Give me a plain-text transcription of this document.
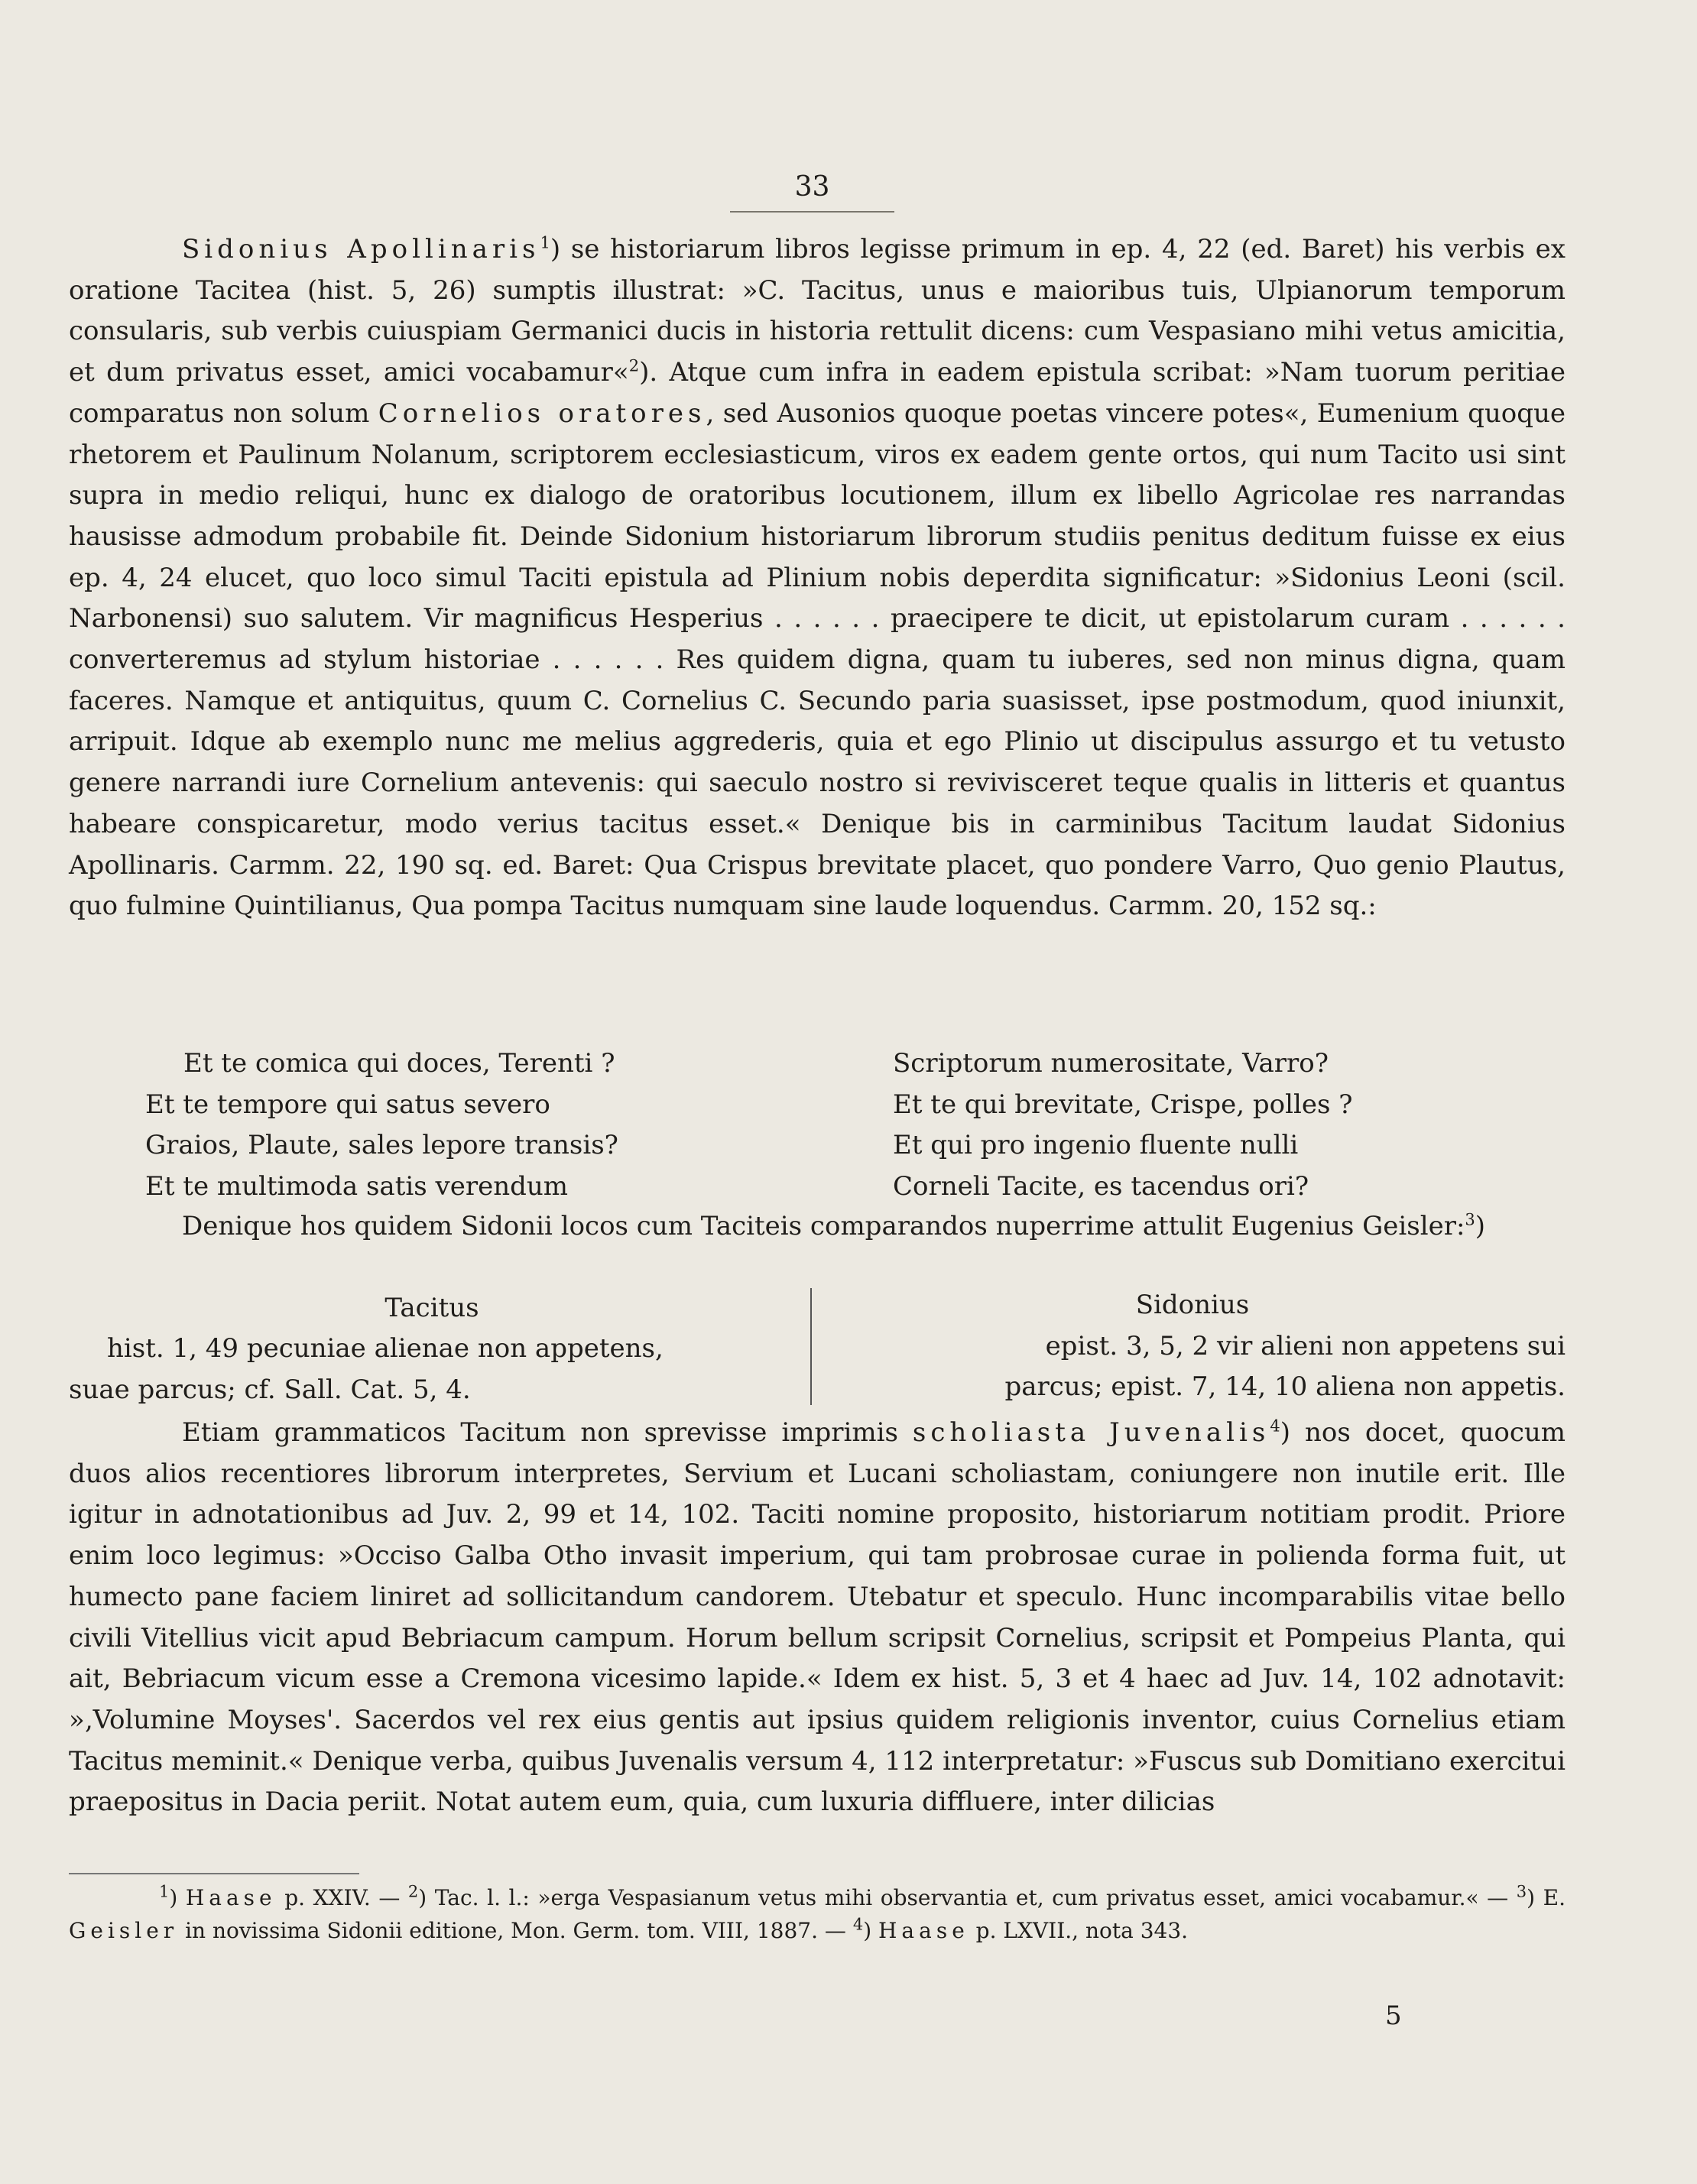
33

Sidonius Apollinaris$^1$) se historiarum libros legisse primum in ep. 4, 22 (ed. Baret) his verbis ex oratione Tacitea (hist. 5, 26) sumptis illustrat: »C. Tacitus, unus e maioribus tuis, Ulpianorum temporum consularis, sub verbis cuiuspiam Germanici ducis in historia rettulit dicens: cum Vespasiano mihi vetus amicitia, et dum privatus esset, amici vocabamur«$^2$). Atque cum infra in eadem epistula scribat: »Nam tuorum peritiae comparatus non solum Cornelios oratores, sed Ausonios quoque poetas vincere potes«, Eumenium quoque rhetorem et Paulinum Nolanum, scriptorem ecclesiasticum, viros ex eadem gente ortos, qui num Tacito usi sint supra in medio reliqui, hunc ex dialogo de oratoribus locutionem, illum ex libello Agricolae res narrandas hausisse admodum probabile fit. Deinde Sidonium historiarum librorum studiis penitus deditum fuisse ex eius ep. 4, 24 elucet, quo loco simul Taciti epistula ad Plinium nobis deperdita significatur: »Sidonius Leoni (scil. Narbonensi) suo salutem. Vir magnificus Hesperius . . . . . . praecipere te dicit, ut epistolarum curam . . . . . . converteremus ad stylum historiae . . . . . . Res quidem digna, quam tu iuberes, sed non minus digna, quam faceres. Namque et antiquitus, quum C. Cornelius C. Secundo paria suasisset, ipse postmodum, quod iniunxit, arripuit. Idque ab exemplo nunc me melius aggrederis, quia et ego Plinio ut discipulus assurgo et tu vetusto genere narrandi iure Cornelium antevenis: qui saeculo nostro si revivisceret teque qualis in litteris et quantus habeare conspicaretur, modo verius tacitus esset.« Denique bis in carminibus Tacitum laudat Sidonius Apollinaris. Carmm. 22, 190 sq. ed. Baret: Qua Crispus brevitate placet, quo pondere Varro, Quo genio Plautus, quo fulmine Quintilianus, Qua pompa Tacitus numquam sine laude loquendus. Carmm. 20, 152 sq.:

Et te comica qui doces, Terenti ?
Et te tempore qui satus severo
Graios, Plaute, sales lepore transis?
Et te multimoda satis verendum
Scriptorum numerositate, Varro?
Et te qui brevitate, Crispe, polles ?
Et qui pro ingenio fluente nulli
Corneli Tacite, es tacendus ori?

Denique hos quidem Sidonii locos cum Taciteis comparandos nuperrime attulit Eugenius Geisler:$^3$)

Tacitus
hist. 1, 49 pecuniae alienae non appetens,
suae parcus; cf. Sall. Cat. 5, 4.
Sidonius
epist. 3, 5, 2 vir alieni non appetens sui
parcus; epist. 7, 14, 10 aliena non appetis.

Etiam grammaticos Tacitum non sprevisse imprimis scholiasta Juvenalis$^4$) nos docet, quocum duos alios recentiores librorum interpretes, Servium et Lucani scholiastam, coniungere non inutile erit. Ille igitur in adnotationibus ad Juv. 2, 99 et 14, 102. Taciti nomine proposito, historiarum notitiam prodit. Priore enim loco legimus: »Occiso Galba Otho invasit imperium, qui tam probrosae curae in polienda forma fuit, ut humecto pane faciem liniret ad sollicitandum candorem. Utebatur et speculo. Hunc incomparabilis vitae bello civili Vitellius vicit apud Bebriacum campum. Horum bellum scripsit Cornelius, scripsit et Pompeius Planta, qui ait, Bebriacum vicum esse a Cremona vicesimo lapide.« Idem ex hist. 5, 3 et 4 haec ad Juv. 14, 102 adnotavit: »‚Volumine Moyses'. Sacerdos vel rex eius gentis aut ipsius quidem religionis inventor, cuius Cornelius etiam Tacitus meminit.« Denique verba, quibus Juvenalis versum 4, 112 interpretatur: »Fuscus sub Domitiano exercitui praepositus in Dacia periit. Notat autem eum, quia, cum luxuria diffluere, inter dilicias

$^1$) Haase p. XXIV. — $^2$) Tac. l. l.: »erga Vespasianum vetus mihi observantia et, cum privatus esset, amici vocabamur.« — $^3$) E. Geisler in novissima Sidonii editione, Mon. Germ. tom. VIII, 1887. — $^4$) Haase p. LXVII., nota 343.

5
